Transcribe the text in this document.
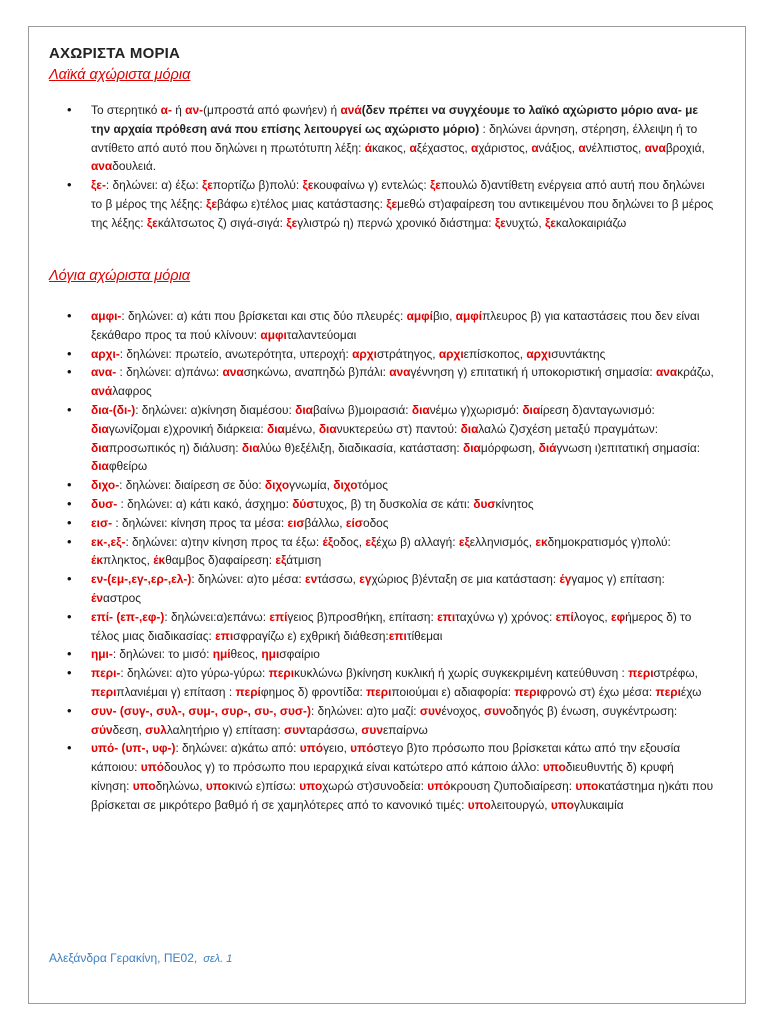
ΑΧΩΡΙΣΤΑ ΜΟΡΙΑ
Λαϊκά αχώριστα μόρια
• Το στερητικό α- ή αν-(μπροστά από φωνήεν) ή ανά(δεν πρέπει να συγχέουμε το λαϊκό αχώριστο μόριο ανα- με την αρχαία πρόθεση ανά που επίσης λειτουργεί ως αχώριστο μόριο) : δηλώνει άρνηση, στέρηση, έλλειψη ή το αντίθετο από αυτό που δηλώνει η πρωτότυπη λέξη: άκακος, αξέχαστος, αχάριστος, ανάξιος, ανέλπιστος, αναβροχιά, αναδουλειά.
• ξε-: δηλώνει: α) έξω: ξεπορτίζω β)πολύ: ξεκουφαίνω γ) εντελώς: ξεπουλώ δ)αντίθετη ενέργεια από αυτή που δηλώνει το β μέρος της λέξης: ξεβάφω ε)τέλος μιας κατάστασης: ξεμεθώ στ)αφαίρεση του αντικειμένου που δηλώνει το β μέρος της λέξης: ξεκάλτσωτος ζ) σιγά-σιγά: ξεγλιστρώ η) περνώ χρονικό διάστημα: ξενυχτώ, ξεκαλοκαιριάζω
Λόγια αχώριστα μόρια
• αμφι-: δηλώνει: α) κάτι που βρίσκεται και στις δύο πλευρές: αμφίβιο, αμφίπλευρος β) για καταστάσεις που δεν είναι ξεκάθαρο προς τα πού κλίνουν: αμφιταλαντεύομαι
• αρχι-: δηλώνει: πρωτείο, ανωτερότητα, υπεροχή: αρχιστράτηγος, αρχιεπίσκοπος, αρχισυντάκτης
• ανα- : δηλώνει: α)πάνω: ανασηκώνω, αναπηδώ β)πάλι: αναγέννηση γ) επιτατική ή υποκοριστική σημασία: ανακράζω, ανάλαφρος
• δια-(δι-): δηλώνει: α)κίνηση διαμέσου: διαβαίνω β)μοιρασιά: διανέμω γ)χωρισμό: διαίρεση δ)ανταγωνισμό: διαγωνίζομαι ε)χρονική διάρκεια: διαμένω, διανυκτερεύω στ) παντού: διαλαλώ ζ)σχέση μεταξύ πραγμάτων: διαπροσωπικός η) διάλυση: διαλύω θ)εξέλιξη, διαδικασία, κατάσταση: διαμόρφωση, διάγνωση ι)επιτατική σημασία: διαφθείρω
• διχο-: δηλώνει: διαίρεση σε δύο: διχογνωμία, διχοτόμος
• δυσ- : δηλώνει: α) κάτι κακό, άσχημο: δύστυχος, β) τη δυσκολία σε κάτι: δυσκίνητος
• εισ- : δηλώνει: κίνηση προς τα μέσα: εισβάλλω, είσοδος
• εκ-,εξ-: δηλώνει: α)την κίνηση προς τα έξω: έξοδος, εξέχω β) αλλαγή: εξελληνισμός, εκδημοκρατισμός γ)πολύ: έκπληκτος, έκθαμβος δ)αφαίρεση: εξάτμιση
• εν-(εμ-,εγ-,ερ-,ελ-): δηλώνει: α)το μέσα: εντάσσω, εγχώριος β)ένταξη σε μια κατάσταση: έγγαμος γ) επίταση: έναστρος
• επί- (επ-,εφ-): δηλώνει:α)επάνω: επίγειος β)προσθήκη, επίταση: επιταχύνω γ) χρόνος: επίλογος, εφήμερος δ) το τέλος μιας διαδικασίας: επισφραγίζω ε) εχθρική διάθεση:επιτίθεμαι
• ημι-: δηλώνει: το μισό: ημίθεος, ημισφαίριο
• περι-: δηλώνει: α)το γύρω-γύρω: περικυκλώνω β)κίνηση κυκλική ή χωρίς συγκεκριμένη κατεύθυνση : περιστρέφω, περιπλανιέμαι γ) επίταση : περίφημος δ) φροντίδα: περιποιούμαι ε) αδιαφορία: περιφρονώ στ) έχω μέσα: περιέχω
• συν- (συγ-, συλ-, συμ-, συρ-, συ-, συσ-): δηλώνει: α)το μαζί: συνένοχος, συνοδηγός β) ένωση, συγκέντρωση: σύνδεση, συλλαλητήριο γ) επίταση: συνταράσσω, συνεπαίρνω
• υπό- (υπ-, υφ-): δηλώνει: α)κάτω από: υπόγειο, υπόστεγο β)το πρόσωπο που βρίσκεται κάτω από την εξουσία κάποιου: υπόδουλος γ) το πρόσωπο που ιεραρχικά είναι κατώτερο από κάποιο άλλο: υποδιευθυντής δ) κρυφή κίνηση: υποδηλώνω, υποκινώ ε)πίσω: υποχωρώ στ)συνοδεία: υπόκρουση ζ)υποδιαίρεση: υποκατάστημα η)κάτι που βρίσκεται σε μικρότερο βαθμό ή σε χαμηλότερες από το κανονικό τιμές: υπολειτουργώ, υπογλυκαιμία
Αλεξάνδρα Γερακίνη, ΠΕ02, σελ. 1
